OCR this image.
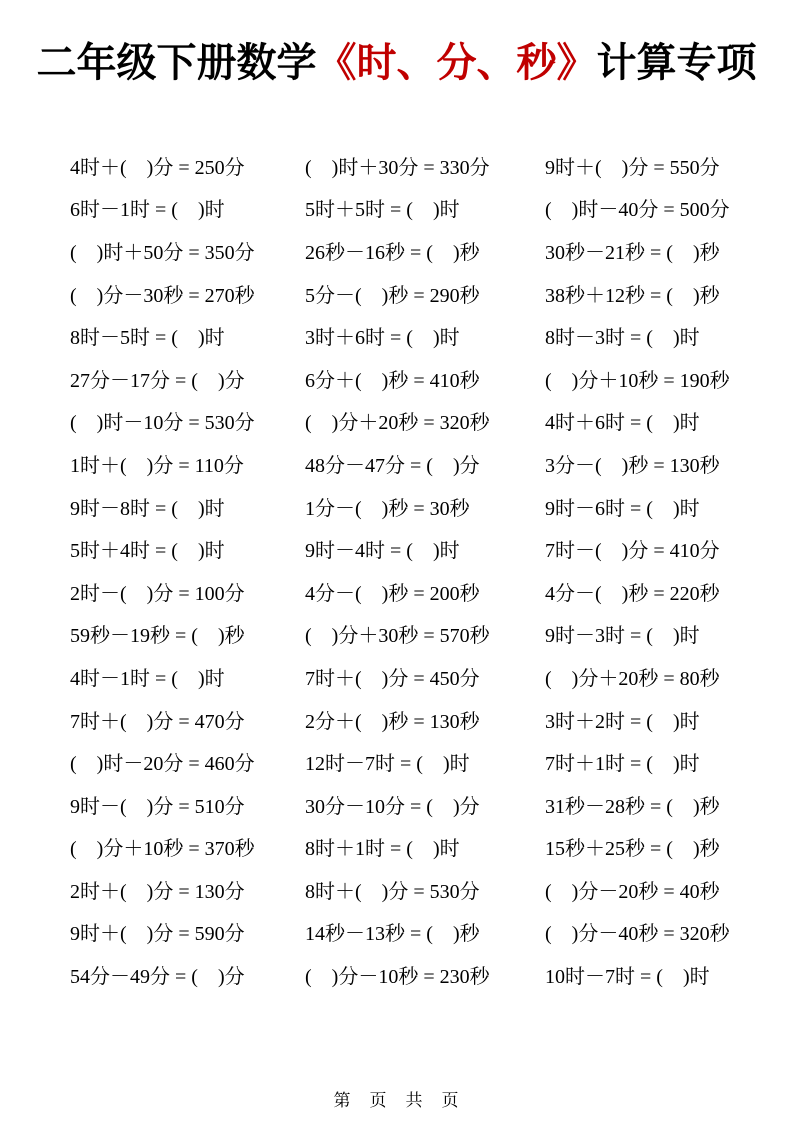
二年级下册数学《时、分、秒》计算专项
4时＋(　)分 = 250分
6时－1时 = (　)时
(　)时＋50分 = 350分
(　)分－30秒 = 270秒
8时－5时 = (　)时
27分－17分 = (　)分
(　)时－10分 = 530分
1时＋(　)分 = 110分
9时－8时 = (　)时
5时＋4时 = (　)时
2时－(　)分 = 100分
59秒－19秒 = (　)秒
4时－1时 = (　)时
7时＋(　)分 = 470分
(　)时－20分 = 460分
9时－(　)分 = 510分
(　)分＋10秒 = 370秒
2时＋(　)分 = 130分
9时＋(　)分 = 590分
54分－49分 = (　)分
(　)时＋30分 = 330分
5时＋5时 = (　)时
26秒－16秒 = (　)秒
5分－(　)秒 = 290秒
3时＋6时 = (　)时
6分＋(　)秒 = 410秒
(　)分＋20秒 = 320秒
48分－47分 = (　)分
1分－(　)秒 = 30秒
9时－4时 = (　)时
4分－(　)秒 = 200秒
(　)分＋30秒 = 570秒
7时＋(　)分 = 450分
2分＋(　)秒 = 130秒
12时－7时 = (　)时
30分－10分 = (　)分
8时＋1时 = (　)时
8时＋(　)分 = 530分
14秒－13秒 = (　)秒
(　)分－10秒 = 230秒
9时＋(　)分 = 550分
(　)时－40分 = 500分
30秒－21秒 = (　)秒
38秒＋12秒 = (　)秒
8时－3时 = (　)时
(　)分＋10秒 = 190秒
4时＋6时 = (　)时
3分－(　)秒 = 130秒
9时－6时 = (　)时
7时－(　)分 = 410分
4分－(　)秒 = 220秒
9时－3时 = (　)时
(　)分＋20秒 = 80秒
3时＋2时 = (　)时
7时＋1时 = (　)时
31秒－28秒 = (　)秒
15秒＋25秒 = (　)秒
(　)分－20秒 = 40秒
(　)分－40秒 = 320秒
10时－7时 = (　)时
第　页　共　页
